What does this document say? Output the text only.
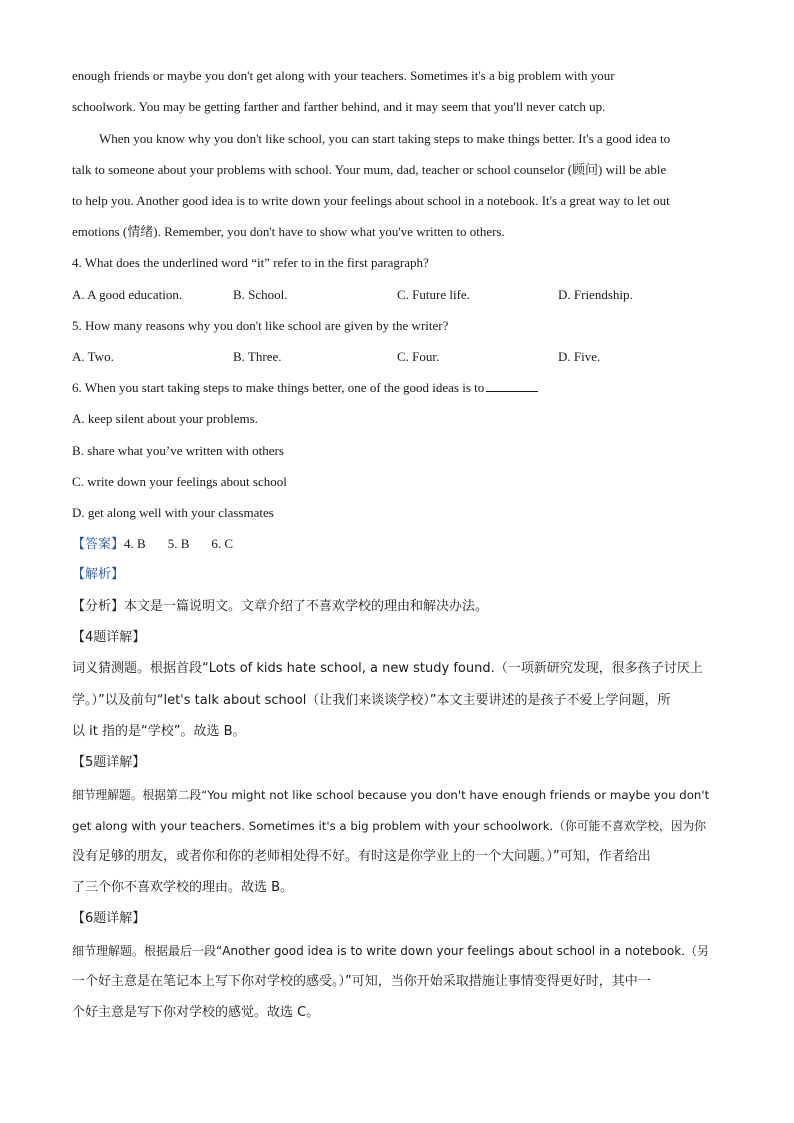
enough friends or maybe you don't get along with your teachers. Sometimes it's a big problem with your
schoolwork. You may be getting farther and farther behind, and it may seem that you'll never catch up.
When you know why you don't like school, you can start taking steps to make things better. It's a good idea to
talk to someone about your problems with school. Your mum, dad, teacher or school counselor (顾问) will be able
to help you. Another good idea is to write down your feelings about school in a notebook. It's a great way to let out
emotions (情绪). Remember, you don't have to show what you've written to others.
4. What does the underlined word “it” refer to in the first paragraph?
A. A good education.	B. School.	C. Future life.	D. Friendship.
5. How many reasons why you don't like school are given by the writer?
A. Two.	B. Three.	C. Four.	D. Five.
6. When you start taking steps to make things better, one of the good ideas is to
A. keep silent about your problems.
B. share what you’ve written with others
C. write down your feelings about school
D. get along well with your classmates
【答案】4. B 5. B 6. C
【解析】
【分析】本文是一篇说明文。文章介绍了不喜欢学校的理由和解决办法。
【4题详解】
词义猜测题。根据首段“Lots of kids hate school, a new study found.（一项新研究发现，很多孩子讨厌上
学。）”以及前句“let's talk about school（让我们来谈谈学校）”本文主要讲述的是孩子不爱上学问题，所
以 it 指的是“学校”。故选 B。
【5题详解】
细节理解题。根据第二段“You might not like school because you don't have enough friends or maybe you don't
get along with your teachers. Sometimes it's a big problem with your schoolwork.（你可能不喜欢学校，因为你
没有足够的朋友，或者你和你的老师相处得不好。有时这是你学业上的一个大问题。）”可知，作者给出
了三个你不喜欢学校的理由。故选 B。
【6题详解】
细节理解题。根据最后一段“Another good idea is to write down your feelings about school in a notebook.（另
一个好主意是在笔记本上写下你对学校的感受。）”可知，当你开始采取措施让事情变得更好时，其中一
个好主意是写下你对学校的感觉。故选 C。
